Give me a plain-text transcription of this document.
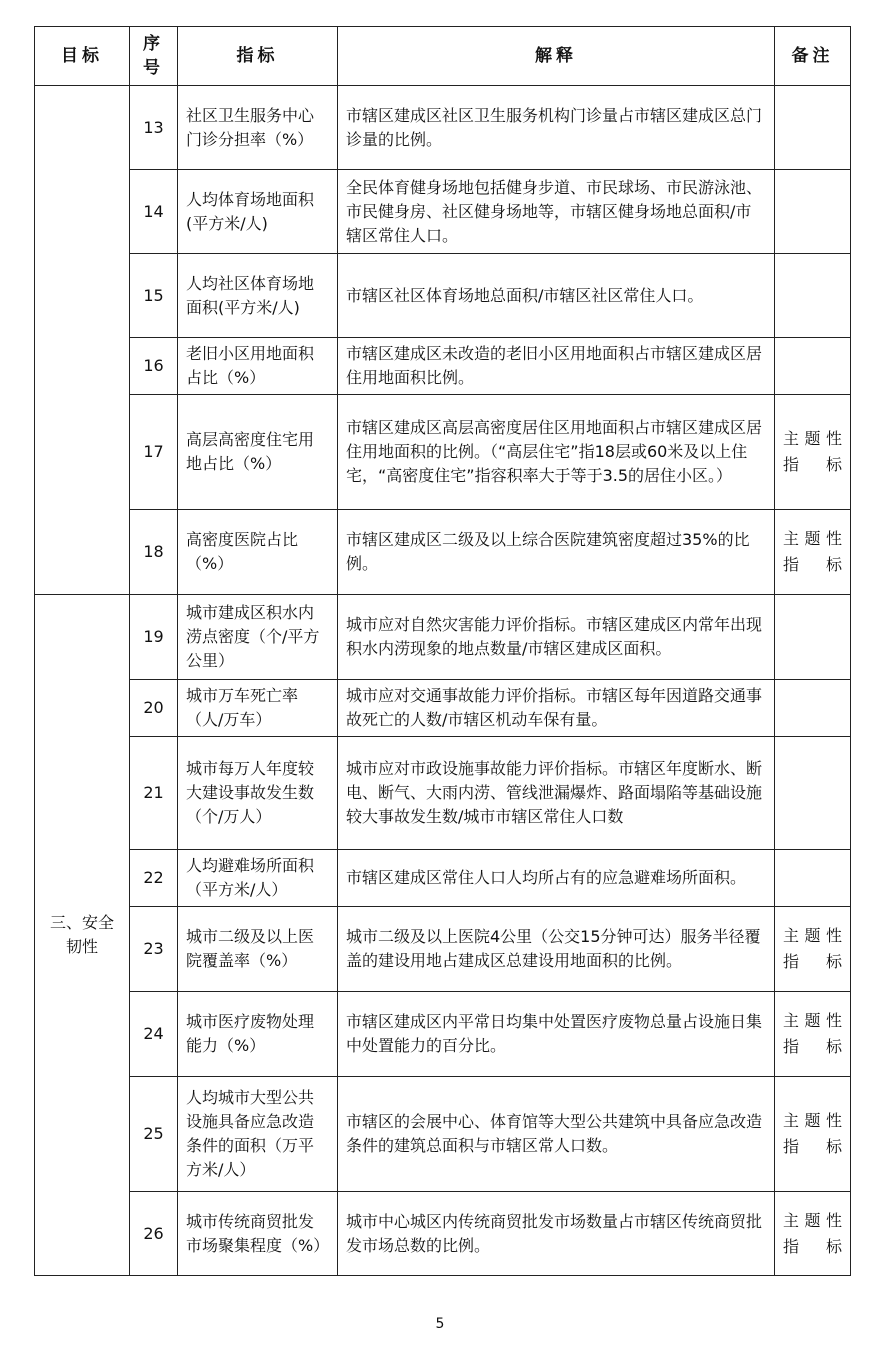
目标	序号	指标	解释	备注
	13	社区卫生服务中心门诊分担率（%）	市辖区建成区社区卫生服务机构门诊量占市辖区建成区总门诊量的比例。	

	14	人均体育场地面积(平方米/人)	全民体育健身场地包括健身步道、市民球场、市民游泳池、市民健身房、社区健身场地等，市辖区健身场地总面积/市辖区常住人口。	

	15	人均社区体育场地面积(平方米/人)	市辖区社区体育场地总面积/市辖区社区常住人口。	

	16	老旧小区用地面积占比（%）	市辖区建成区未改造的老旧小区用地面积占市辖区建成区居住用地面积比例。	

	17	高层高密度住宅用地占比（%）	市辖区建成区高层高密度居住区用地面积占市辖区建成区居住用地面积的比例。（“高层住宅”指18层或60米及以上住宅，“高密度住宅”指容积率大于等于3.5的居住小区。）	主题性指标

	18	高密度医院占比（%）	市辖区建成区二级及以上综合医院建筑密度超过35%的比例。	主题性指标

三、安全韧性	19	城市建成区积水内涝点密度（个/平方公里）	城市应对自然灾害能力评价指标。市辖区建成区内常年出现积水内涝现象的地点数量/市辖区建成区面积。	

	20	城市万车死亡率（人/万车）	城市应对交通事故能力评价指标。市辖区每年因道路交通事故死亡的人数/市辖区机动车保有量。	

	21	城市每万人年度较大建设事故发生数（个/万人）	城市应对市政设施事故能力评价指标。市辖区年度断水、断电、断气、大雨内涝、管线泄漏爆炸、路面塌陷等基础设施较大事故发生数/城市市辖区常住人口数	

	22	人均避难场所面积（平方米/人）	市辖区建成区常住人口人均所占有的应急避难场所面积。	

	23	城市二级及以上医院覆盖率（%）	城市二级及以上医院4公里（公交15分钟可达）服务半径覆盖的建设用地占建成区总建设用地面积的比例。	主题性指标

	24	城市医疗废物处理能力（%）	市辖区建成区内平常日均集中处置医疗废物总量占设施日集中处置能力的百分比。	主题性指标

	25	人均城市大型公共设施具备应急改造条件的面积（万平方米/人）	市辖区的会展中心、体育馆等大型公共建筑中具备应急改造条件的建筑总面积与市辖区常人口数。	主题性指标

	26	城市传统商贸批发市场聚集程度（%）	城市中心城区内传统商贸批发市场数量占市辖区传统商贸批发市场总数的比例。	主题性指标
5
